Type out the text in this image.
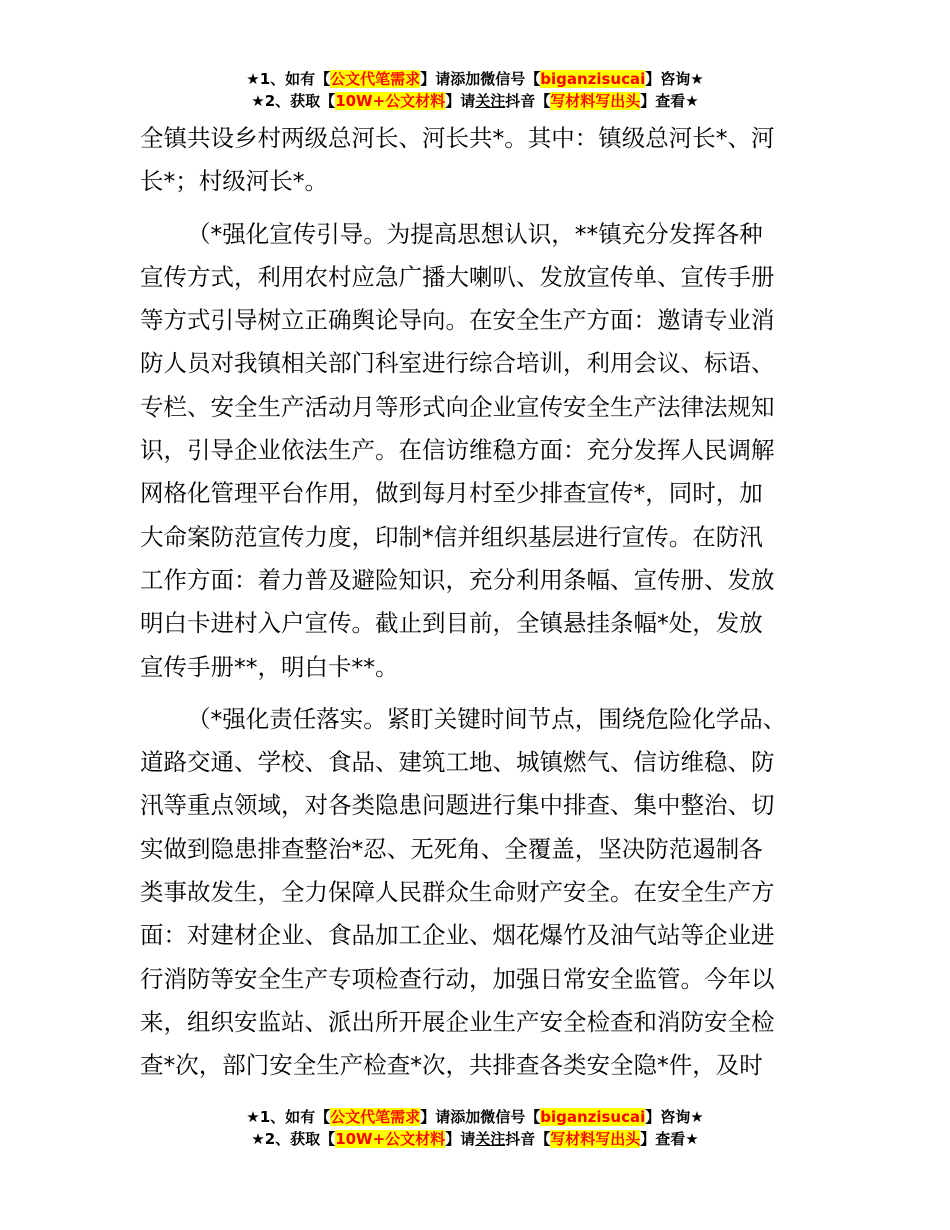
★1、如有【公文代笔需求】请添加微信号【biganzisucai】咨询★
★2、获取【10W+公文材料】请关注抖音【写材料写出头】查看★
全镇共设乡村两级总河长、河长共*。其中：镇级总河长*、河
长*；村级河长*。
（*强化宣传引导。为提高思想认识，**镇充分发挥各种
宣传方式，利用农村应急广播大喇叭、发放宣传单、宣传手册
等方式引导树立正确舆论导向。在安全生产方面：邀请专业消
防人员对我镇相关部门科室进行综合培训，利用会议、标语、
专栏、安全生产活动月等形式向企业宣传安全生产法律法规知
识，引导企业依法生产。在信访维稳方面：充分发挥人民调解
网格化管理平台作用，做到每月村至少排查宣传*，同时，加
大命案防范宣传力度，印制*信并组织基层进行宣传。在防汛
工作方面：着力普及避险知识，充分利用条幅、宣传册、发放
明白卡进村入户宣传。截止到目前，全镇悬挂条幅*处，发放
宣传手册**，明白卡**。
（*强化责任落实。紧盯关键时间节点，围绕危险化学品、
道路交通、学校、食品、建筑工地、城镇燃气、信访维稳、防
汛等重点领域，对各类隐患问题进行集中排查、集中整治、切
实做到隐患排查整治*忍、无死角、全覆盖，坚决防范遏制各
类事故发生，全力保障人民群众生命财产安全。在安全生产方
面：对建材企业、食品加工企业、烟花爆竹及油气站等企业进
行消防等安全生产专项检查行动，加强日常安全监管。今年以
来，组织安监站、派出所开展企业生产安全检查和消防安全检
查*次，部门安全生产检查*次，共排查各类安全隐*件，及时
★1、如有【公文代笔需求】请添加微信号【biganzisucai】咨询★
★2、获取【10W+公文材料】请关注抖音【写材料写出头】查看★
